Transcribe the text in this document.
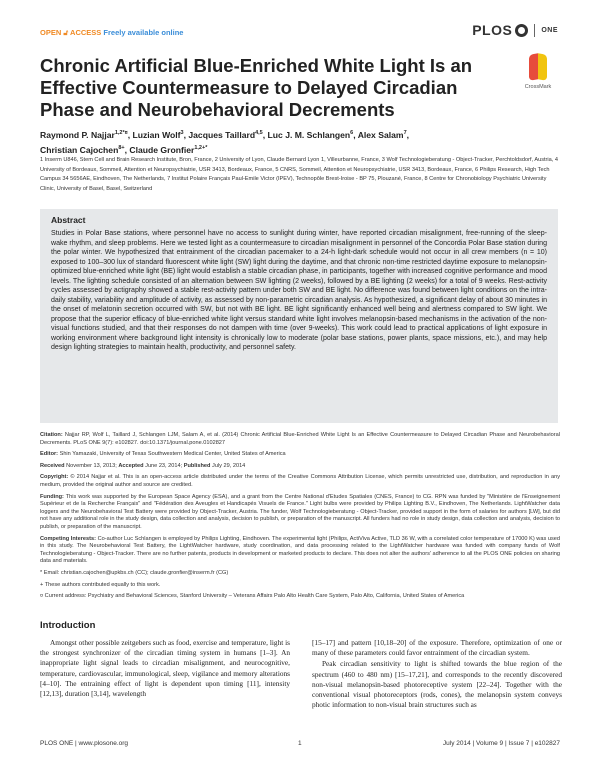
OPEN 🔓︎ ACCESS Freely available online	PLOS	ONE
Chronic Artificial Blue-Enriched White Light Is an Effective Countermeasure to Delayed Circadian Phase and Neurobehavioral Decrements
CrossMark
Raymond P. Najjar$^{1,2*¤}$, Luzian Wolf$^3$, Jacques Taillard$^{4,5}$, Luc J. M. Schlangen$^6$, Alex Salam$^7$,
Christian Cajochen$^{8+}$, Claude Gronfier$^{1,2+*}$

1 Inserm U846, Stem Cell and Brain Research Institute, Bron, France, 2 University of Lyon, Claude Bernard Lyon 1, Villeurbanne, France, 3 Wolf Technologieberatung - Object-Tracker, Perchtoldsdorf, Austria, 4 University of Bordeaux, Sommeil, Attention et Neuropsychiatrie, USR 3413, Bordeaux, France, 5 CNRS, Sommeil, Attention et Neuropsychiatrie, USR 3413, Bordeaux, France, 6 Philips Research, High Tech Campus 34 5656AE, Eindhoven, The Netherlands, 7 Institut Polaire Français Paul-Emile Victor (IPEV), Technopôle Brest-Iroise - BP 75, Plouzané, France, 8 Centre for Chronobiology Psychiatric University Clinic, University of Basel, Basel, Switzerland

Abstract

Studies in Polar Base stations, where personnel have no access to sunlight during winter, have reported circadian misalignment, free-running of the sleep-wake rhythm, and sleep problems. Here we tested light as a countermeasure to circadian misalignment in personnel of the Concordia Polar Base station during the polar winter. We hypothesized that entrainment of the circadian pacemaker to a 24-h light-dark schedule would not occur in all crew members (n = 10) exposed to 100–300 lux of standard fluorescent white light (SW) light during the daytime, and that chronic non-time restricted daytime exposure to melanopsin-optimized blue-enriched white light (BE) light would establish a stable circadian phase, in participants, together with increased cognitive performance and mood levels. The lighting schedule consisted of an alternation between SW lighting (2 weeks), followed by a BE lighting (2 weeks) for a total of 9 weeks. Rest-activity cycles assessed by actigraphy showed a stable rest-activity pattern under both SW and BE light. No difference was found between light conditions on the intra-daily stability, variability and amplitude of activity, as assessed by non-parametric circadian analysis. As hypothesized, a significant delay of about 30 minutes in the onset of melatonin secretion occurred with SW, but not with BE light. BE light significantly enhanced well being and alertness compared to SW light. We propose that the superior efficacy of blue-enriched white light versus standard white light involves melanopsin-based mechanisms in the activation of the non-visual functions studied, and that their responses do not dampen with time (over 9-weeks). This work could lead to practical applications of light exposure in working environment where background light intensity is chronically low to moderate (polar base stations, power plants, space missions, etc.), and may help design lighting strategies to maintain health, productivity, and personnel safety.

Citation: Najjar RP, Wolf L, Taillard J, Schlangen LJM, Salam A, et al. (2014) Chronic Artificial Blue-Enriched White Light Is an Effective Countermeasure to Delayed Circadian Phase and Neurobehavioral Decrements. PLoS ONE 9(7): e102827. doi:10.1371/journal.pone.0102827

Editor: Shin Yamazaki, University of Texas Southwestern Medical Center, United States of America

Received November 13, 2013; Accepted June 23, 2014; Published July 29, 2014

Copyright: © 2014 Najjar et al. This is an open-access article distributed under the terms of the Creative Commons Attribution License, which permits unrestricted use, distribution, and reproduction in any medium, provided the original author and source are credited.

Funding: This work was supported by the European Space Agency (ESA), and a grant from the Centre National d'Etudes Spatiales (CNES, France) to CG. RPN was funded by "Ministère de l'Enseignement Supérieur et de la Recherche Français" and "Fédération des Aveugles et Handicapés Visuels de France." Light bulbs were provided by Philips Lighting B.V., Eindhoven, The Netherlands. LightWatcher data loggers and the Neurobehavioral Test Battery were provided by Object-Tracker, Austria. The funder, Wolf Technologieberatung - Object-Tracker, provided support in the form of salaries for authors [LW], but did not have any additional role in the study design, data collection and analysis, decision to publish, or preparation of the manuscript. All funders had no role in study design, data collection and analysis, decision to publish, or preparation of the manuscript.

Competing Interests: Co-author Luc Schlangen is employed by Philips Lighting, Eindhoven. The experimental light (Philips, ActiViva Active, TLD 36 W, with a correlated color temperature of 17000 K) was used in this study. The Neurobehavioral Test Battery, the LightWatcher hardware, study coordination, and data processing related to the LightWatcher hardware was funded with company funds of Wolf Technologieberatung - Object-Tracker. There are no further patents, products in development or marketed products to declare. This does not alter the authors' adherence to all the PLOS ONE policies on sharing data and materials.

* Email: christian.cajochen@upkbs.ch (CC); claude.gronfier@inserm.fr (CG)

+ These authors contributed equally to this work.

¤ Current address: Psychiatry and Behavioral Sciences, Stanford University – Veterans Affairs Palo Alto Health Care System, Palo Alto, California, United States of America

Introduction

Amongst other possible zeitgebers such as food, exercise and temperature, light is the strongest synchronizer of the circadian timing system in humans [1–3]. An inappropriate light signal leads to circadian misalignment, and neurocognitive, temperature, cardiovascular, immunological, sleep, vigilance and memory alterations [4–10]. The entraining effect of light is dependent upon timing [11], intensity [12,13], duration [3,14], wavelength

[15–17] and pattern [10,18–20] of the exposure. Therefore, optimization of one or many of these parameters could favor entrainment of the circadian system.

Peak circadian sensitivity to light is shifted towards the blue region of the spectrum (460 to 480 nm) [15–17,21], and corresponds to the recently discovered non-visual melanopsin-based photoreceptive system [22–24]. Together with the conventional visual photoreceptors (rods, cones), the melanopsin system conveys photic information to non-visual brain structures such as

PLOS ONE | www.plosone.org	1	July 2014 | Volume 9 | Issue 7 | e102827
